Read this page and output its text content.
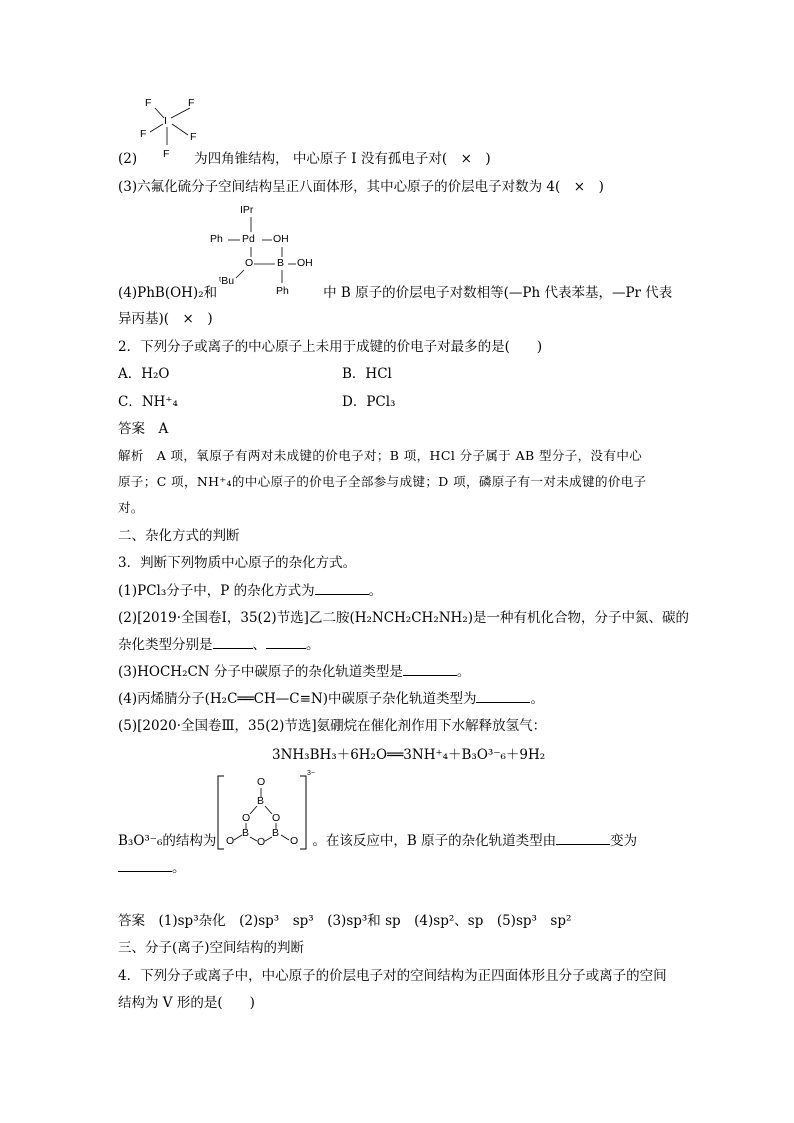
F	F
I
F	F
F
(2)	为四角锥结构， 中心原子 I 没有孤电子对(　×　)
(3)六氟化硫分子空间结构呈正八面体形，其中心原子的价层电子对数为 4(　×　)
IPr
Ph Pd OH
O B OH
ᵗBu
Ph
(4)PhB(OH)₂和	中 B 原子的价层电子对数相等(—Ph 代表苯基，—Pr 代表
异丙基)(　×　)
2．下列分子或离子的中心原子上未用于成键的价电子对最多的是(　　)
A．H₂O	B．HCl
C．NH⁺₄	D．PCl₃
答案　 A
解析　A 项，氧原子有两对未成键的价电子对；B 项，HCl 分子属于 AB 型分子，没有中心
原子；C 项，NH⁺₄的中心原子的价电子全部参与成键；D 项，磷原子有一对未成键的价电子
对。
二、杂化方式的判断
3．判断下列物质中心原子的杂化方式。
(1)PCl₃分子中，P 的杂化方式为	。
(2)[2019·全国卷Ⅰ，35(2)节选]乙二胺(H₂NCH₂CH₂NH₂)是一种有机化合物，分子中氮、碳的
杂化类型分别是	、	。
(3)HOCH₂CN 分子中碳原子的杂化轨道类型是	。
(4)丙烯腈分子(H₂C══CH—C≡N)中碳原子杂化轨道类型为	。
(5)[2020·全国卷Ⅲ，35(2)节选]氨硼烷在催化剂作用下水解释放氢气：
3NH₃BH₃＋6H₂O══3NH⁺₄＋B₃O³⁻₆＋9H₂
O
B
O O
B B
O
O	O
3−
B₃O³⁻₆的结构为	。在该反应中，B 原子的杂化轨道类型由	变为
。
答案　 (1)sp³杂化　(2)sp³　sp³　(3)sp³和 sp　(4)sp²、sp　(5)sp³　sp²
三、分子(离子)空间结构的判断
4．下列分子或离子中，中心原子的价层电子对的空间结构为正四面体形且分子或离子的空间
结构为 V 形的是(　　)
